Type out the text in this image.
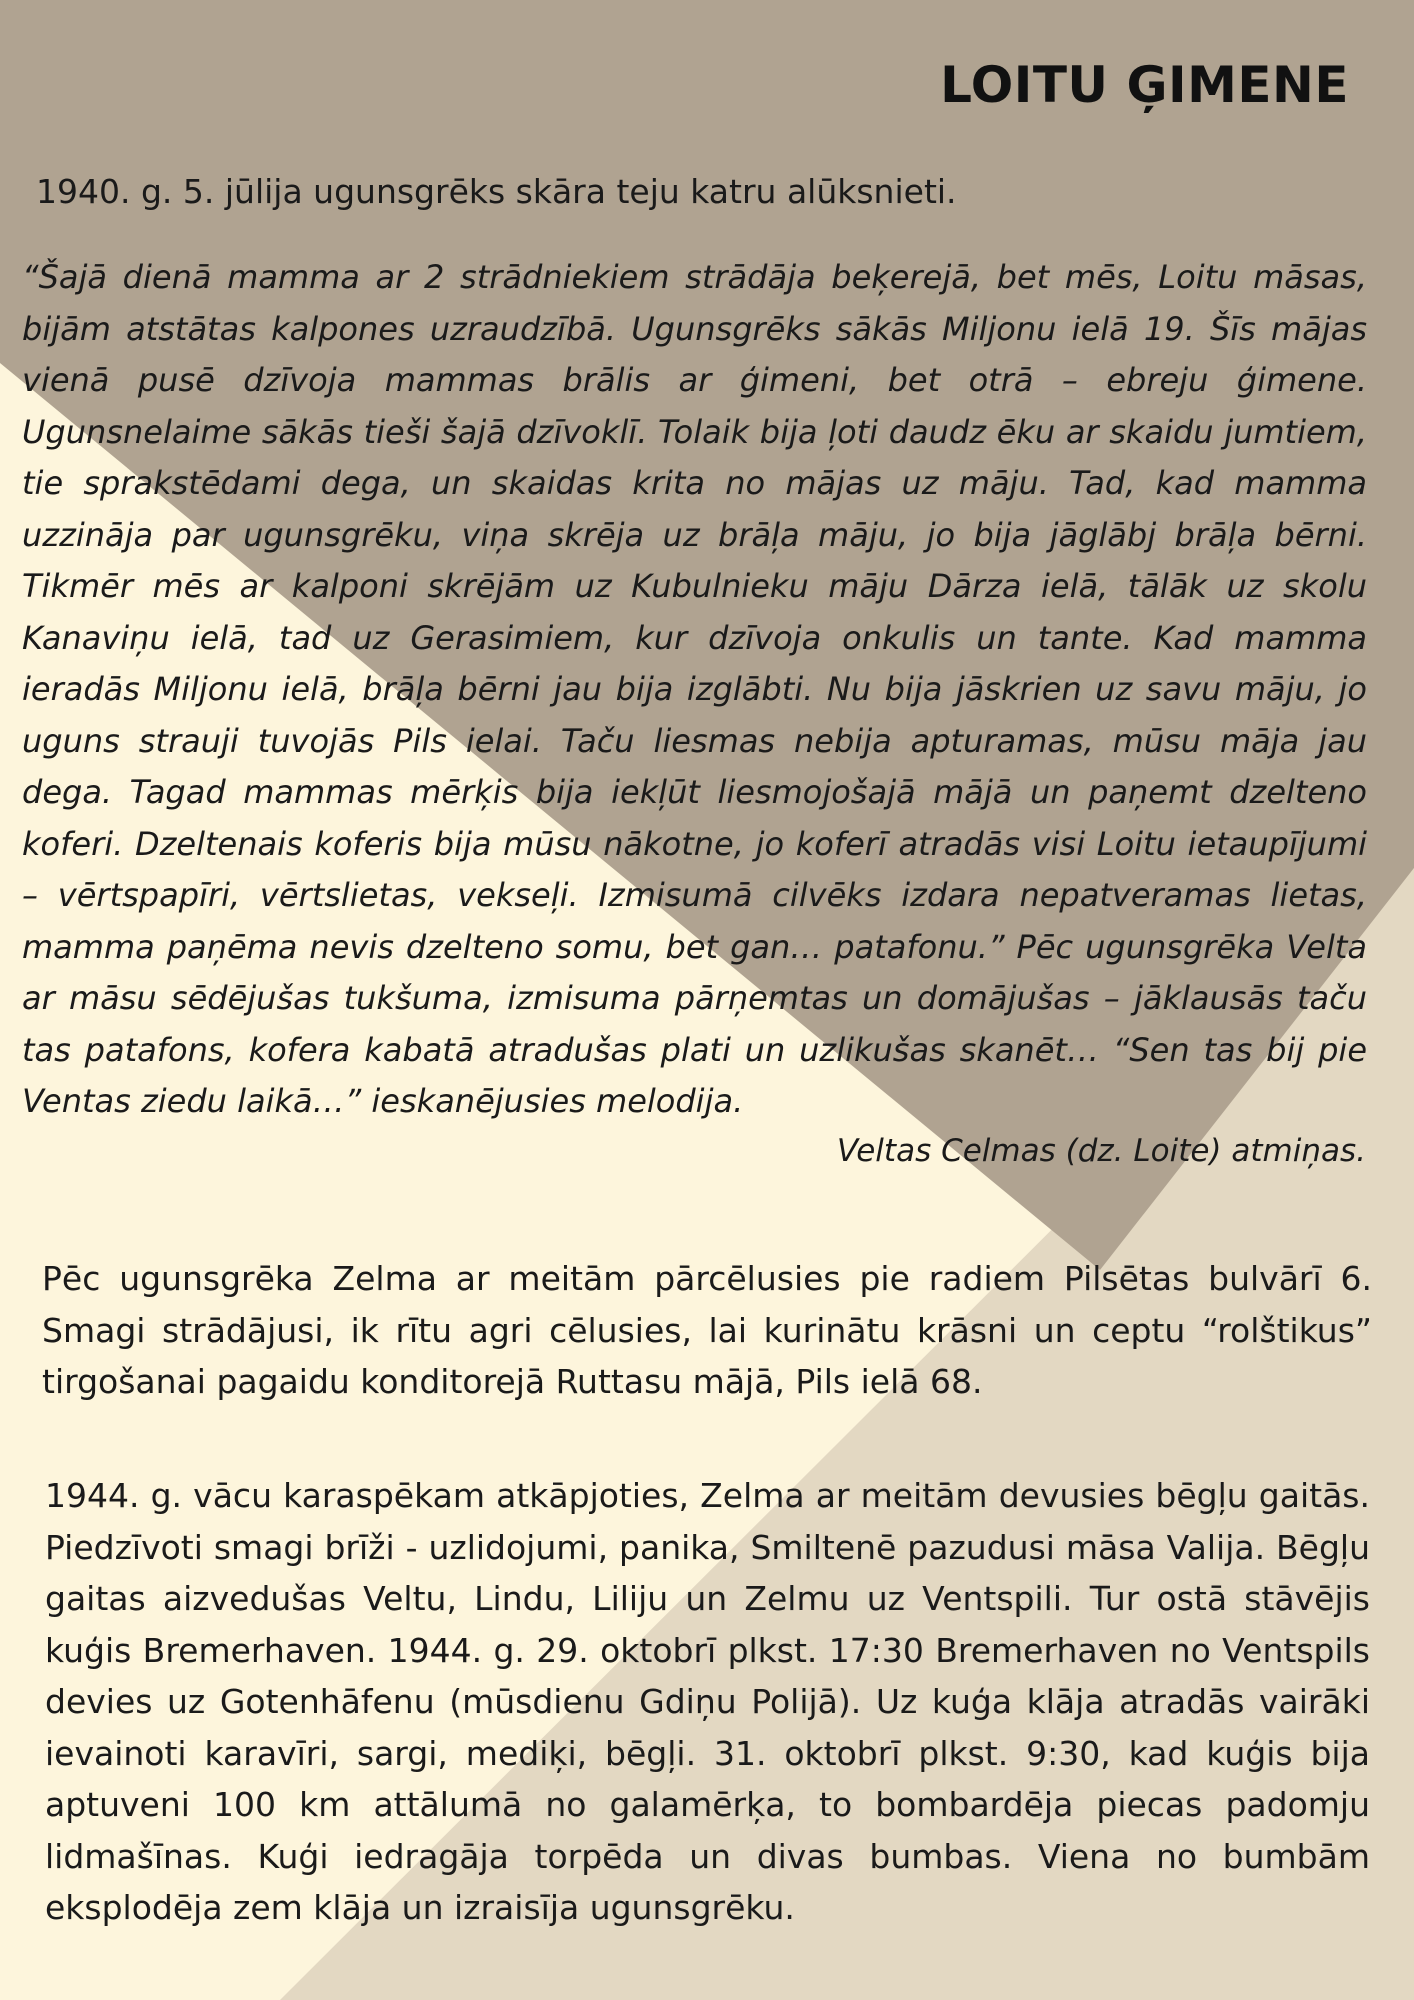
LOITU ĢIMENE

1940. g. 5. jūlija ugunsgrēks skāra teju katru alūksnieti.

“Šajā dienā mamma ar 2 strādniekiem strādāja beķerejā, bet mēs, Loitu māsas, bijām atstātas kalpones uzraudzībā. Ugunsgrēks sākās Miljonu ielā 19. Šīs mājas vienā pusē dzīvoja mammas brālis ar ģimeni, bet otrā – ebreju ģimene. Ugunsnelaime sākās tieši šajā dzīvoklī. Tolaik bija ļoti daudz ēku ar skaidu jumtiem, tie sprakstēdami dega, un skaidas krita no mājas uz māju. Tad, kad mamma uzzināja par ugunsgrēku, viņa skrēja uz brāļa māju, jo bija jāglābj brāļa bērni. Tikmēr mēs ar kalponi skrējām uz Kubulnieku māju Dārza ielā, tālāk uz skolu Kanaviņu ielā, tad uz Gerasimiem, kur dzīvoja onkulis un tante. Kad mamma ieradās Miljonu ielā, brāļa bērni jau bija izglābti. Nu bija jāskrien uz savu māju, jo uguns strauji tuvojās Pils ielai. Taču liesmas nebija apturamas, mūsu māja jau dega. Tagad mammas mērķis bija iekļūt liesmojošajā mājā un paņemt dzelteno koferi. Dzeltenais koferis bija mūsu nākotne, jo koferī atradās visi Loitu ietaupījumi – vērtspapīri, vērtslietas, vekseļi. Izmisumā cilvēks izdara nepatveramas lietas, mamma paņēma nevis dzelteno somu, bet gan… patafonu.” Pēc ugunsgrēka Velta ar māsu sēdējušas tukšuma, izmisuma pārņemtas un domājušas – jāklausās taču tas patafons, kofera kabatā atradušas plati un uzlikušas skanēt… “Sen tas bij pie Ventas ziedu laikā…” ieskanējusies melodija.

Veltas Celmas (dz. Loite) atmiņas.

Pēc ugunsgrēka Zelma ar meitām pārcēlusies pie radiem Pilsētas bulvārī 6. Smagi strādājusi, ik rītu agri cēlusies, lai kurinātu krāsni un ceptu “rolštikus” tirgošanai pagaidu konditorejā Ruttasu mājā, Pils ielā 68.

1944. g. vācu karaspēkam atkāpjoties, Zelma ar meitām devusies bēgļu gaitās. Piedzīvoti smagi brīži - uzlidojumi, panika, Smiltenē pazudusi māsa Valija. Bēgļu gaitas aizvedušas Veltu, Lindu, Liliju un Zelmu uz Ventspili. Tur ostā stāvējis kuģis Bremerhaven. 1944. g. 29. oktobrī plkst. 17:30 Bremerhaven no Ventspils devies uz Gotenhāfenu (mūsdienu Gdiņu Polijā). Uz kuģa klāja atradās vairāki ievainoti karavīri, sargi, mediķi, bēgļi. 31. oktobrī plkst. 9:30, kad kuģis bija aptuveni 100 km attālumā no galamērķa, to bombardēja piecas padomju lidmašīnas. Kuģi iedragāja torpēda un divas bumbas. Viena no bumbām eksplodēja zem klāja un izraisīja ugunsgrēku.
